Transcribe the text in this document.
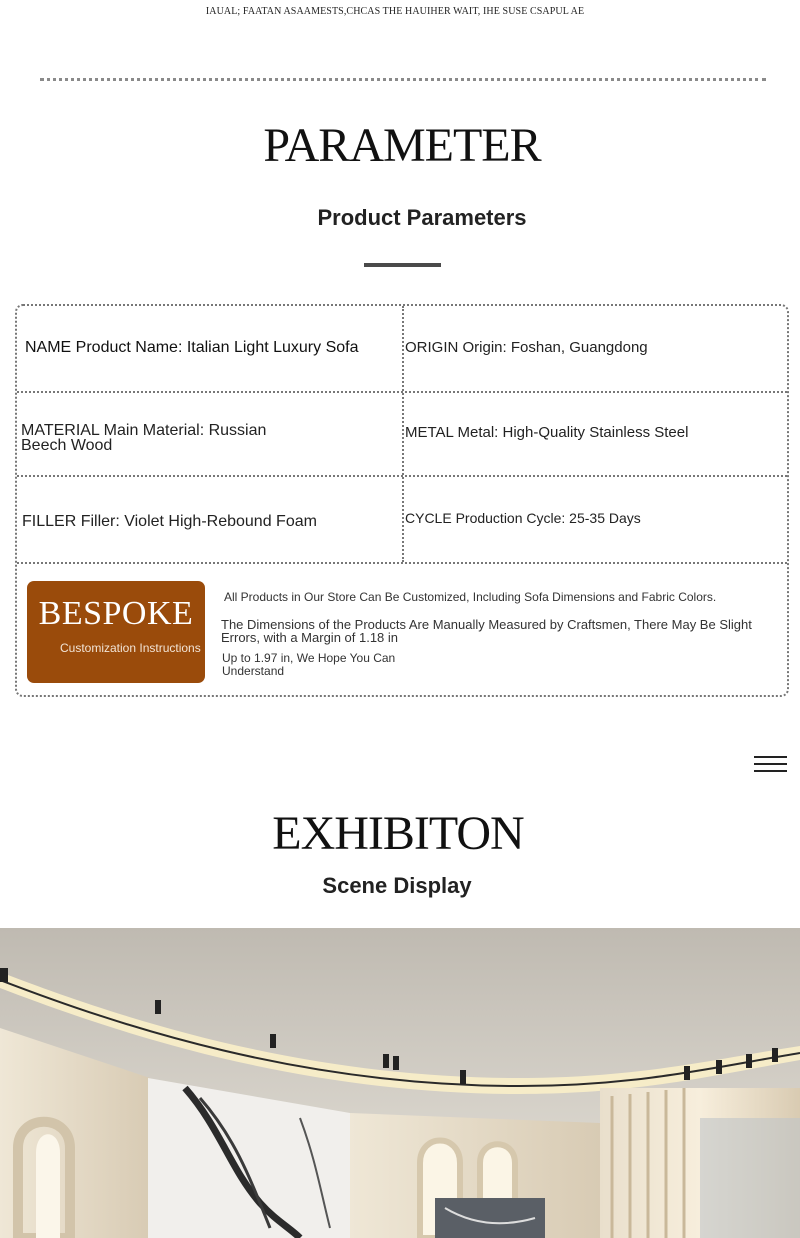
IAUAL; FAATAN ASAAMESTS,CHCAS THE HAUIHER WAIT, IHE SUSE CSAPUL AE
PARAMETER
Product Parameters
NAME Product Name: Italian Light Luxury Sofa	ORIGIN Origin: Foshan, Guangdong
MATERIAL Main Material: Russian
Beech Wood
METAL Metal: High-Quality Stainless Steel
FILLER Filler: Violet High-Rebound Foam	CYCLE Production Cycle: 25-35 Days
BESPOKE
Customization Instructions
All Products in Our Store Can Be Customized, Including Sofa Dimensions and Fabric Colors.
The Dimensions of the Products Are Manually Measured by Craftsmen, There May Be Slight
Errors, with a Margin of 1.18 in
Up to 1.97 in, We Hope You Can
Understand
EXHIBITON
Scene Display
